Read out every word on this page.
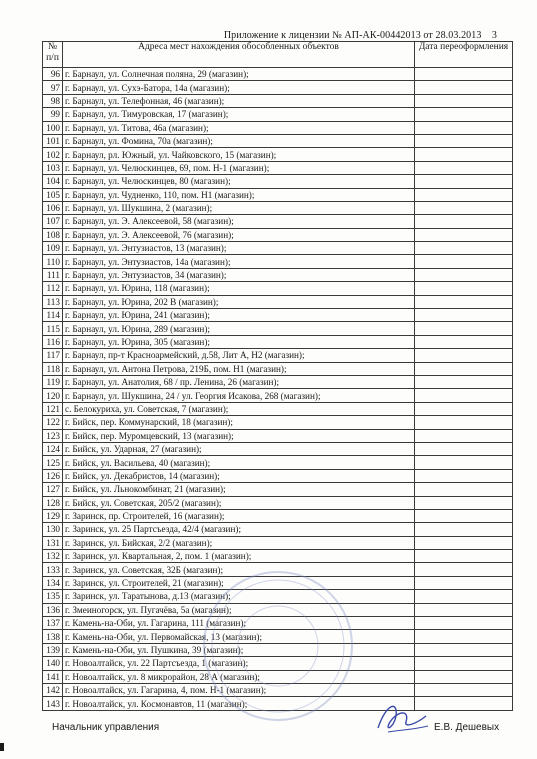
Приложение к лицензии № АП-АК-00442013 от 28.03.2013 3
№ п/п	Адреса мест нахождения обособленных объектов	Дата переоформления

96	г. Барнаул, ул. Солнечная поляна, 29 (магазин);	
97	г. Барнаул, ул. Сухэ-Батора, 14а (магазин);	
98	г. Барнаул, ул. Телефонная, 46 (магазин);	
99	г. Барнаул, ул. Тимуровская, 17 (магазин);	
100	г. Барнаул, ул. Титова, 46а (магазин);	
101	г. Барнаул, ул. Фомина, 70а (магазин);	
102	г. Барнаул, рл. Южный, ул. Чайковского, 15 (магазин);	
103	г. Барнаул, ул. Челюскинцев, 69, пом. Н-1 (магазин);	
104	г. Барнаул, ул. Челюскинцев, 80 (магазин);	
105	г. Барнаул, ул. Чудненко, 110, пом. Н1 (магазин);	
106	г. Барнаул, ул. Шукшина, 2 (магазин);	
107	г. Барнаул, ул. Э. Алексеевой, 58 (магазин);	
108	г. Барнаул, ул. Э. Алексеевой, 76 (магазин);	
109	г. Барнаул, ул. Энтузиастов, 13 (магазин);	
110	г. Барнаул, ул. Энтузиастов, 14а (магазин);	
111	г. Барнаул, ул. Энтузиастов, 34 (магазин);	
112	г. Барнаул, ул. Юрина, 118 (магазин);	
113	г. Барнаул, ул. Юрина, 202 В (магазин);	
114	г. Барнаул, ул. Юрина, 241 (магазин);	
115	г. Барнаул, ул. Юрина, 289 (магазин);	
116	г. Барнаул, ул. Юрина, 305 (магазин);	
117	г. Барнаул, пр-т Красноармейский, д.58, Лит А, Н2 (магазин);	
118	г. Барнаул, ул. Антона Петрова, 219Б, пом. Н1 (магазин);	
119	г. Барнаул, ул. Анатолия, 68 / пр. Ленина, 26 (магазин);	
120	г. Барнаул, ул. Шукшина, 24 / ул. Георгия Исакова, 268 (магазин);	
121	с. Белокуриха, ул. Советская, 7 (магазин);	
122	г. Бийск, пер. Коммунарский, 18 (магазин);	
123	г. Бийск, пер. Муромцевский, 13 (магазин);	
124	г. Бийск, ул. Ударная, 27 (магазин);	
125	г. Бийск, ул. Васильева, 40 (магазин);	
126	г. Бийск, ул. Декабристов, 14 (магазин);	
127	г. Бийск, ул. Льнокомбинат, 21 (магазин);	
128	г. Бийск, ул. Советская, 205/2 (магазин);	
129	г. Заринск, пр. Строителей, 16 (магазин);	
130	г. Заринск, ул. 25 Партсъезда, 42/4 (магазин);	
131	г. Заринск, ул. Бийская, 2/2 (магазин);	
132	г. Заринск, ул. Квартальная, 2, пом. 1 (магазин);	
133	г. Заринск, ул. Советская, 32Б (магазин);	
134	г. Заринск, ул. Строителей, 21 (магазин);	
135	г. Заринск, ул. Таратынова, д.13 (магазин);	
136	г. Змеиногорск, ул. Пугачёва, 5а (магазин);	
137	г. Камень-на-Оби, ул. Гагарина, 111 (магазин);	
138	г. Камень-на-Оби, ул. Первомайская, 13 (магазин);	
139	г. Камень-на-Оби, ул. Пушкина, 39 (магазин);	
140	г. Новоалтайск, ул. 22 Партсъезда, 1 (магазин);	
141	г. Новоалтайск, ул. 8 микрорайон, 28 А (магазин);	
142	г. Новоалтайск, ул. Гагарина, 4, пом. Н-1 (магазин);	
143	г. Новоалтайск, ул. Космонавтов, 11 (магазин);	
Начальник управления	Е.В. Дешевых
